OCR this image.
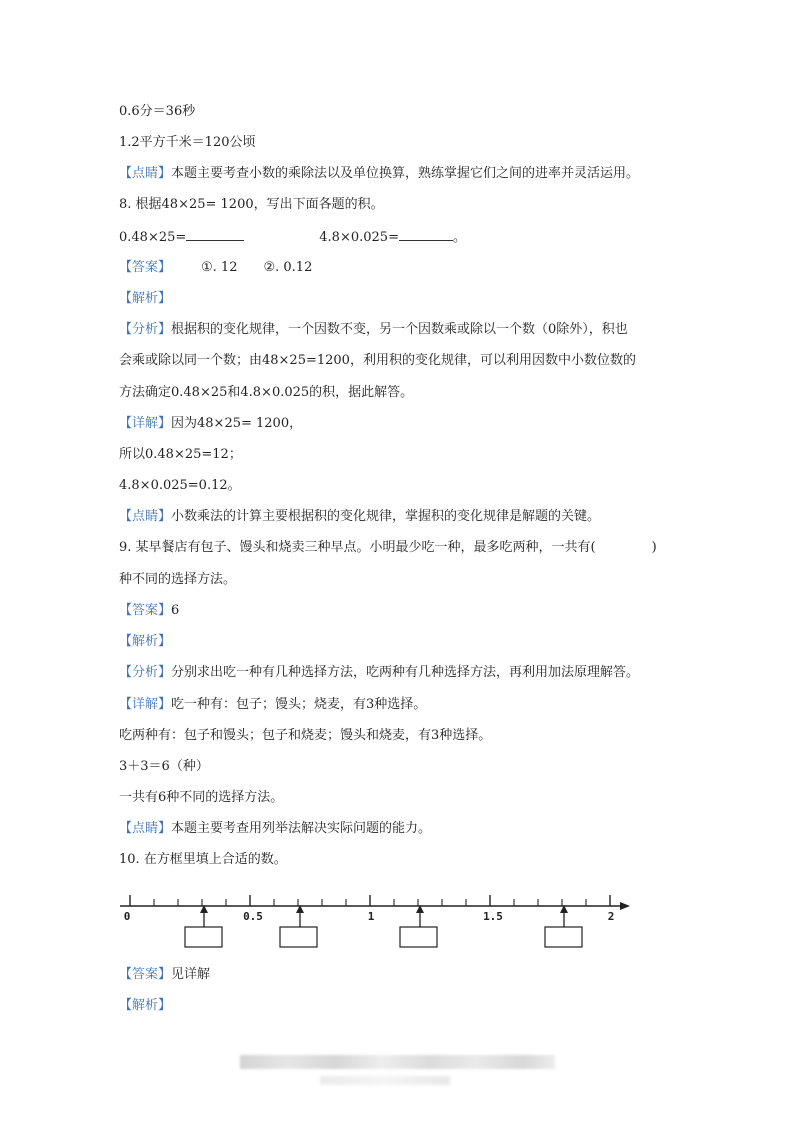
0.6分＝36秒
1.2平方千米＝120公顷
【点睛】本题主要考查小数的乘除法以及单位换算，熟练掌握它们之间的进率并灵活运用。
8. 根据48×25= 1200，写出下面各题的积。
0.48×25=	4.8×0.025=	。
【答案】 ①. 12 ②. 0.12
【解析】
【分析】根据积的变化规律，一个因数不变，另一个因数乘或除以一个数（0除外），积也
会乘或除以同一个数；由48×25=1200，利用积的变化规律，可以利用因数中小数位数的
方法确定0.48×25和4.8×0.025的积，据此解答。
【详解】因为48×25= 1200，
所以0.48×25=12；
4.8×0.025=0.12。
【点睛】小数乘法的计算主要根据积的变化规律，掌握积的变化规律是解题的关键。
9. 某早餐店有包子、馒头和烧卖三种早点。小明最少吃一种，最多吃两种，一共有(	)
种不同的选择方法。
【答案】6
【解析】
【分析】分别求出吃一种有几种选择方法，吃两种有几种选择方法，再利用加法原理解答。
【详解】吃一种有：包子；馒头；烧麦，有3种选择。
吃两种有：包子和馒头；包子和烧麦；馒头和烧麦，有3种选择。
3＋3＝6（种）
一共有6种不同的选择方法。
【点睛】本题主要考查用列举法解决实际问题的能力。
10. 在方框里填上合适的数。
0	0.5	1	1.5	2
【答案】见详解
【解析】
